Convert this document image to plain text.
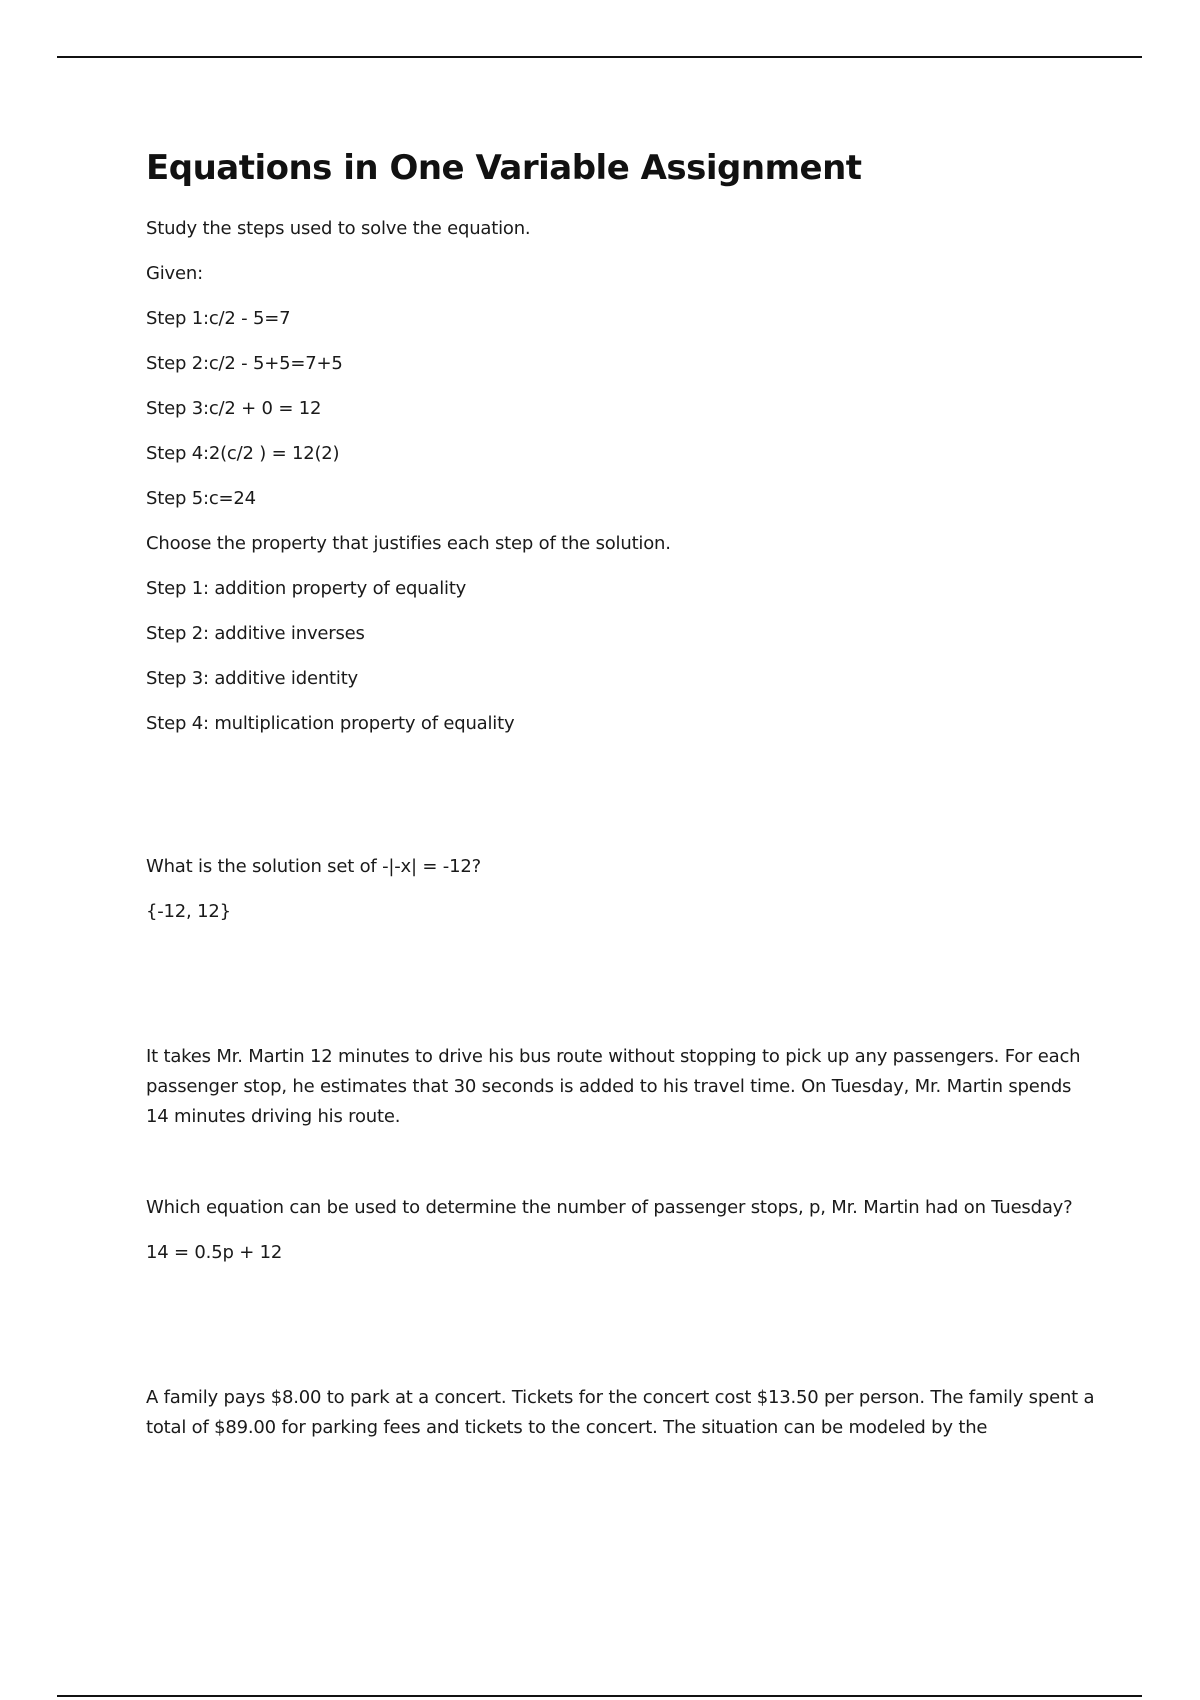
Equations in One Variable Assignment

Study the steps used to solve the equation.

Given:

Step 1:c/2 - 5=7

Step 2:c/2 - 5+5=7+5

Step 3:c/2 + 0 = 12

Step 4:2(c/2 ) = 12(2)

Step 5:c=24

Choose the property that justifies each step of the solution.

Step 1: addition property of equality

Step 2: additive inverses

Step 3: additive identity

Step 4: multiplication property of equality

What is the solution set of -|-x| = -12?

{-12, 12}

It takes Mr. Martin 12 minutes to drive his bus route without stopping to pick up any passengers. For each passenger stop, he estimates that 30 seconds is added to his travel time. On Tuesday, Mr. Martin spends 14 minutes driving his route.

Which equation can be used to determine the number of passenger stops, p, Mr. Martin had on Tuesday?

14 = 0.5p + 12

A family pays $8.00 to park at a concert. Tickets for the concert cost $13.50 per person. The family spent a total of $89.00 for parking fees and tickets to the concert. The situation can be modeled by the
